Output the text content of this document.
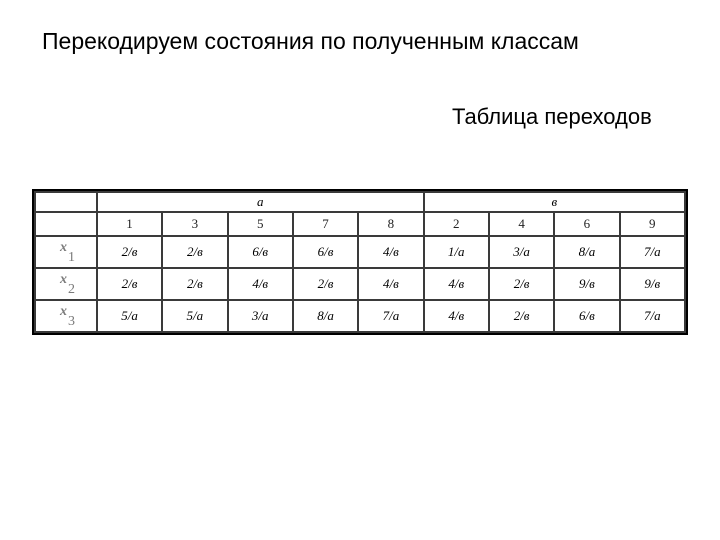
Перекодируем состояния по полученным классам
Таблица переходов
	a					в			
	1	3	5	7	8	2	4	6	9
$x_1$	2/в	2/в	6/в	6/в	4/в	1/a	3/a	8/a	7/a
$x_2$	2/в	2/в	4/в	2/в	4/в	4/в	2/в	9/в	9/в
$x_3$	5/a	5/a	3/a	8/a	7/a	4/в	2/в	6/в	7/a
